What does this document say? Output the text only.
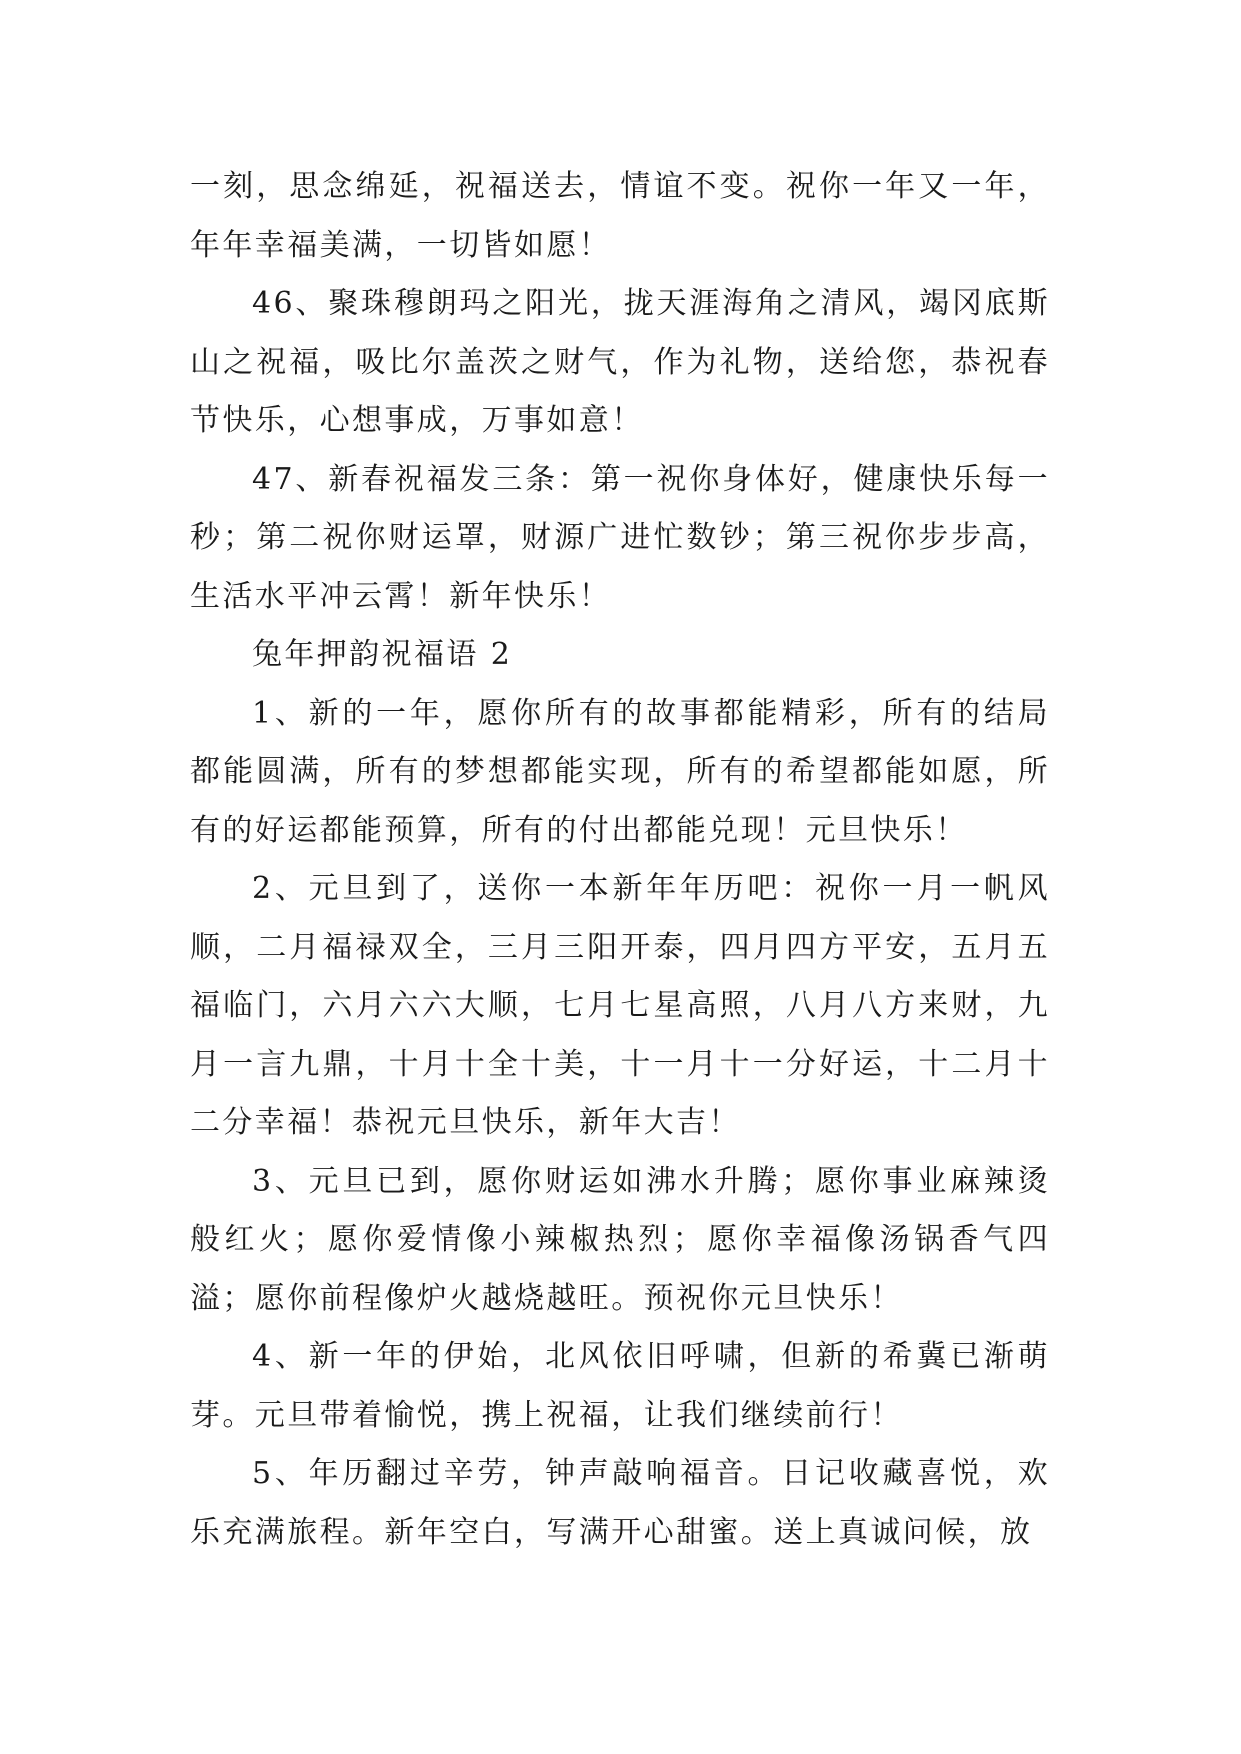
一刻，思念绵延，祝福送去，情谊不变。祝你一年又一年，年年幸福美满，一切皆如愿！

46、聚珠穆朗玛之阳光，拢天涯海角之清风，竭冈底斯山之祝福，吸比尔盖茨之财气，作为礼物，送给您，恭祝春节快乐，心想事成，万事如意！

47、新春祝福发三条：第一祝你身体好，健康快乐每一秒；第二祝你财运罩，财源广进忙数钞；第三祝你步步高，生活水平冲云霄！新年快乐！

兔年押韵祝福语 2

1、新的一年，愿你所有的故事都能精彩，所有的结局都能圆满，所有的梦想都能实现，所有的希望都能如愿，所有的好运都能预算，所有的付出都能兑现！元旦快乐！

2、元旦到了，送你一本新年年历吧：祝你一月一帆风顺，二月福禄双全，三月三阳开泰，四月四方平安，五月五福临门，六月六六大顺，七月七星高照，八月八方来财，九月一言九鼎，十月十全十美，十一月十一分好运，十二月十二分幸福！恭祝元旦快乐，新年大吉！

3、元旦已到，愿你财运如沸水升腾；愿你事业麻辣烫般红火；愿你爱情像小辣椒热烈；愿你幸福像汤锅香气四溢；愿你前程像炉火越烧越旺。预祝你元旦快乐！

4、新一年的伊始，北风依旧呼啸，但新的希冀已渐萌芽。元旦带着愉悦，携上祝福，让我们继续前行！

5、年历翻过辛劳，钟声敲响福音。日记收藏喜悦，欢乐充满旅程。新年空白，写满开心甜蜜。送上真诚问候，放
